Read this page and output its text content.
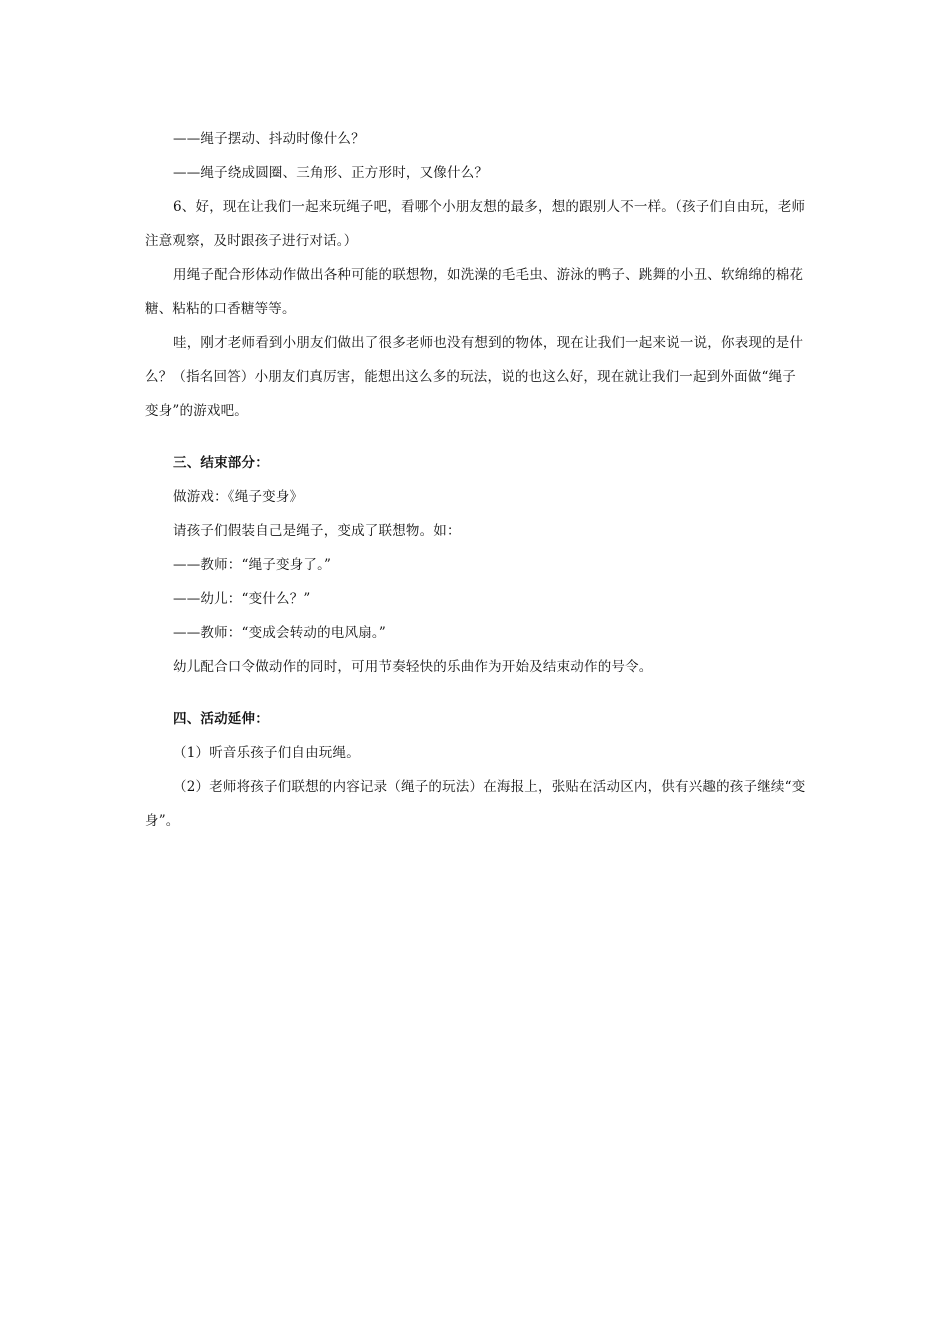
——绳子摆动、抖动时像什么？

——绳子绕成圆圈、三角形、正方形时，又像什么？

6、好，现在让我们一起来玩绳子吧，看哪个小朋友想的最多，想的跟别人不一样。（孩子们自由玩，老师注意观察，及时跟孩子进行对话。）

用绳子配合形体动作做出各种可能的联想物，如洗澡的毛毛虫、游泳的鸭子、跳舞的小丑、软绵绵的棉花糖、粘粘的口香糖等等。

哇，刚才老师看到小朋友们做出了很多老师也没有想到的物体，现在让我们一起来说一说，你表现的是什么？（指名回答）小朋友们真厉害，能想出这么多的玩法，说的也这么好，现在就让我们一起到外面做“绳子变身”的游戏吧。

三、结束部分：

做游戏：《绳子变身》

请孩子们假装自己是绳子，变成了联想物。如：

——教师：“绳子变身了。”

——幼儿：“变什么？”

——教师：“变成会转动的电风扇。”

幼儿配合口令做动作的同时，可用节奏轻快的乐曲作为开始及结束动作的号令。

四、活动延伸：

（1）听音乐孩子们自由玩绳。

（2）老师将孩子们联想的内容记录（绳子的玩法）在海报上，张贴在活动区内，供有兴趣的孩子继续“变身”。
